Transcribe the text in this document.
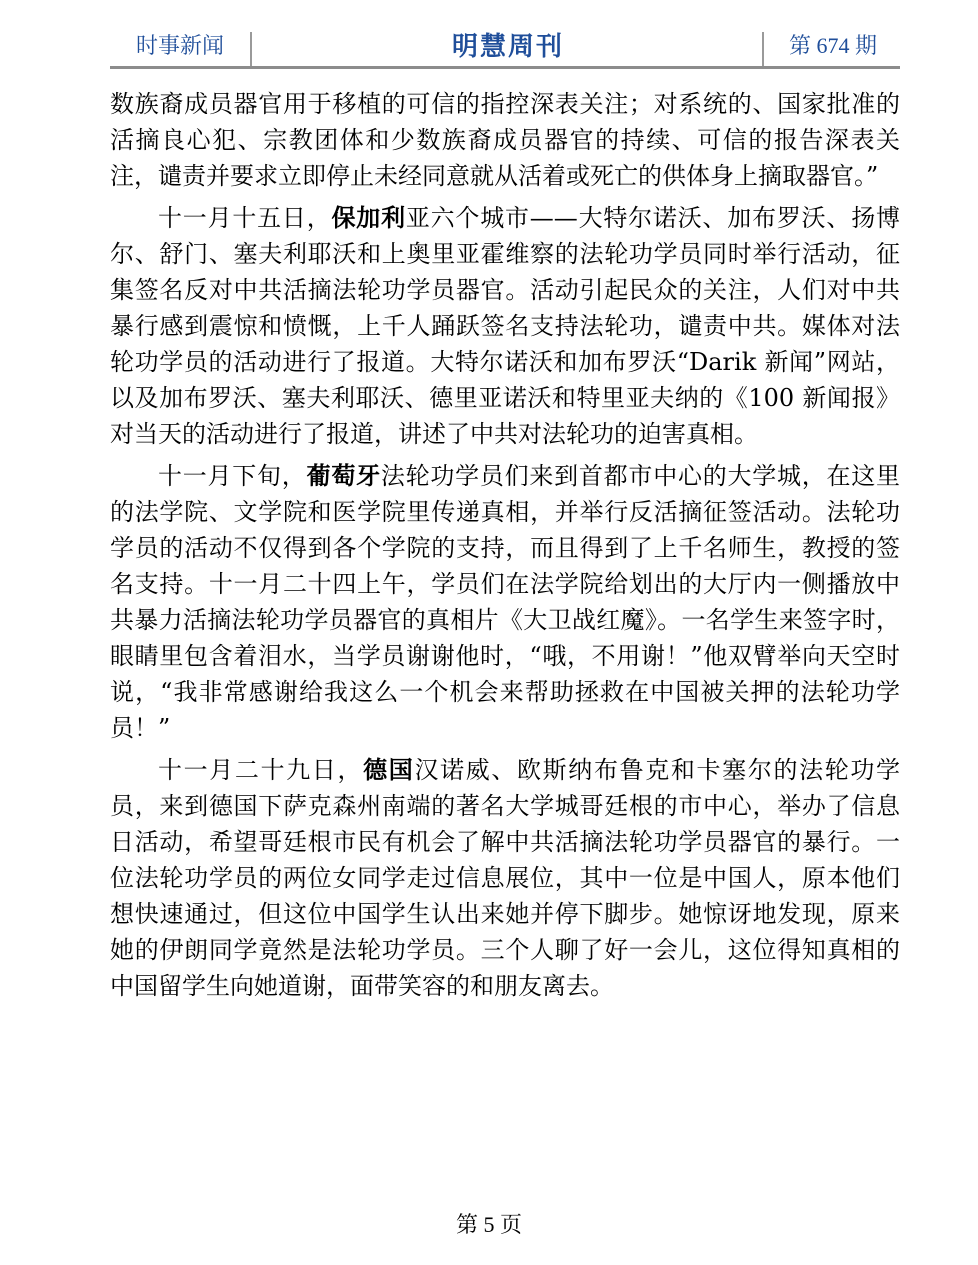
时事新闻	明慧周刊	第 674 期

数族裔成员器官用于移植的可信的指控深表关注；对系统的、国家批准的活摘良心犯、宗教团体和少数族裔成员器官的持续、可信的报告深表关注，谴责并要求立即停止未经同意就从活着或死亡的供体身上摘取器官。”

十一月十五日，保加利亚六个城市——大特尔诺沃、加布罗沃、扬博尔、舒门、塞夫利耶沃和上奥里亚霍维察的法轮功学员同时举行活动，征集签名反对中共活摘法轮功学员器官。活动引起民众的关注，人们对中共暴行感到震惊和愤慨，上千人踊跃签名支持法轮功，谴责中共。媒体对法轮功学员的活动进行了报道。大特尔诺沃和加布罗沃“Darik 新闻”网站，以及加布罗沃、塞夫利耶沃、德里亚诺沃和特里亚夫纳的《100 新闻报》对当天的活动进行了报道，讲述了中共对法轮功的迫害真相。

十一月下旬，葡萄牙法轮功学员们来到首都市中心的大学城，在这里的法学院、文学院和医学院里传递真相，并举行反活摘征签活动。法轮功学员的活动不仅得到各个学院的支持，而且得到了上千名师生，教授的签名支持。十一月二十四上午，学员们在法学院给划出的大厅内一侧播放中共暴力活摘法轮功学员器官的真相片《大卫战红魔》。一名学生来签字时，眼睛里包含着泪水，当学员谢谢他时，“哦，不用谢！”他双臂举向天空时说，“我非常感谢给我这么一个机会来帮助拯救在中国被关押的法轮功学员！”

十一月二十九日，德国汉诺威、欧斯纳布鲁克和卡塞尔的法轮功学员，来到德国下萨克森州南端的著名大学城哥廷根的市中心，举办了信息日活动，希望哥廷根市民有机会了解中共活摘法轮功学员器官的暴行。一位法轮功学员的两位女同学走过信息展位，其中一位是中国人，原本他们想快速通过，但这位中国学生认出来她并停下脚步。她惊讶地发现，原来她的伊朗同学竟然是法轮功学员。三个人聊了好一会儿，这位得知真相的中国留学生向她道谢，面带笑容的和朋友离去。

第 5 页
